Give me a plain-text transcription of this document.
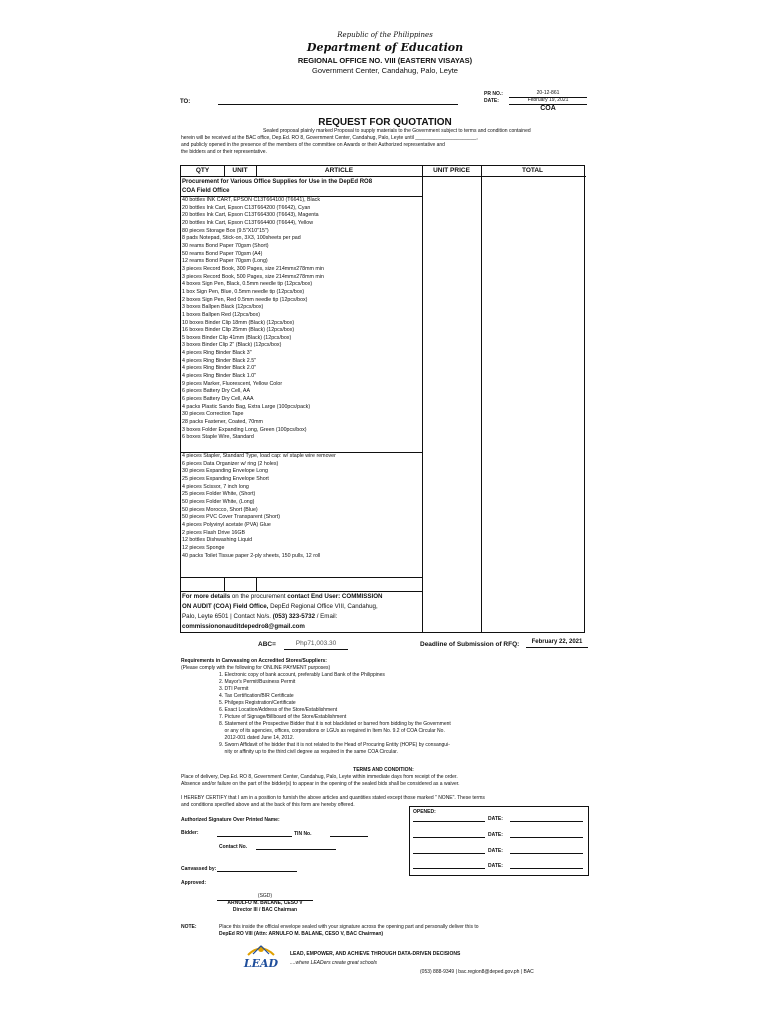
Republic of the Philippines
Department of Education
REGIONAL OFFICE NO. VIII (EASTERN VISAYAS)
Government Center, Candahug, Palo, Leyte
PR NO.:	20-12-861
DATE:	February 19, 2021
COA
TO:
REQUEST FOR QUOTATION
Sealed proposal plainly marked Proposal to supply materials to the Government subject to terms and condition contained
herein will be received at the BAC office, Dep.Ed. RO 8, Government Center, Candahug, Palo, Leyte until ______________________,
and publicly opened in the presence of the members of the committee on Awards or their Authorized representative and
the bidders and or their representative.
QTY	UNIT	ARTICLE	UNIT PRICE	TOTAL
Procurement for Various Office Supplies for Use in the DepEd RO8
COA Field Office
40 bottles INK CART, EPSON C13T664100 (T6641), Black
20 bottles Ink Cart, Epson C13T664200 (T6642), Cyan
20 bottles Ink Cart, Epson C13T664300 (T6643), Magenta
20 bottles Ink Cart, Epson C13T664400 (T6644), Yellow
80 pieces Storage Box (9.5"X10"15")
8 pads Notepad, Stick-on, 3X3, 100sheets per pad
30 reams Bond Paper 70gsm (Short)
50 reams Bond Paper 70gsm (A4)
12 reams Bond Paper 70gsm (Long)
3 pieces Record Book, 300 Pages, size 214mmx278mm min
3 pieces Record Book, 500 Pages, size 214mmx278mm min
4 boxes Sign Pen, Black, 0.5mm needle tip (12pcs/box)
1 box Sign Pen, Blue, 0.5mm needle tip (12pcs/box)
2 boxes Sign Pen, Red 0.5mm needle tip (12pcs/box)
3 boxes Ballpen Black (12pcs/box)
1 boxes Ballpen Red (12pcs/box)
10 boxes Binder Clip 18mm (Black) (12pcs/box)
16 boxes Binder Clip 25mm (Black) (12pcs/box)
5 boxes Binder Clip 41mm (Black) (12pcs/box)
3 boxes Binder Clip 2" (Black) (12pcs/box)
4 pieces Ring Binder Black 3"
4 pieces Ring Binder Black 2.5"
4 pieces Ring Binder Black 2.0"
4 pieces Ring Binder Black 1.0"
9 pieces Marker, Fluorescent, Yellow Color
6 pieces Battery Dry Cell, AA
6 pieces Battery Dry Cell, AAA
4 packs Plastic Sando Bag, Extra Large (100pcs/pack)
30 pieces Correction Tape
28 packs Fastener, Coated, 70mm
3 boxes Folder Expanding Long, Green (100pcs/box)
6 boxes Staple Wire, Standard
4 pieces Stapler, Standard Type, load cap: w/ staple wire remover
6 pieces Data Organizer w/ ring (2 holes)
30 pieces Expanding Envelope Long
25 pieces Expanding Envelope Short
4 pieces Scissor, 7 inch long
25 pieces Folder White, (Short)
50 pieces Folder White, (Long)
50 pieces Morocco, Short (Blue)
50 pieces PVC Cover Transparent (Short)
4 pieces Polyvinyl acetate (PVA) Glue
2 pieces Flash Drive 16GB
12 bottles Dishwashing Liquid
12 pieces Sponge
40 packs Toilet Tissue paper 2-ply sheets, 150 pulls, 12 roll
For more details on the procurement contact End User: COMMISSION
ON AUDIT (COA) Field Office, DepEd Regional Office VIII, Candahug,
Palo, Leyte 6501 | Contact No/s. (053) 323-5732 / Email:
commissiononauditdepedro8@gmail.com
ABC=	Php71,003.30	Deadline of Submission of RFQ:	February 22, 2021
Requirements in Canvassing on Accredited Stores/Suppliers:
(Please comply with the following for ONLINE PAYMENT purposes)
1. Electronic copy of bank account, preferably Land Bank of the Philippines
2. Mayor's Permit/Business Permit
3. DTI Permit
4. Tax Certification/BIR Certificate
5. Philgeps Registration/Certificate
6. Exact Location/Address of the Store/Establishment
7. Picture of Signage/Billboard of the Store/Establishment
8. Statement of the Prospective Bidder that it is not blacklisted or barred from bidding by the Government
or any of its agencies, offices, corporations or LGUs as required in Item No. 9.2 of COA Circular No.
2012-001 dated June 14, 2012.
9. Sworn Affidavit of he bidder that it is not related to the Head of Procuring Entity (HOPE) by consangui-
nity or affinity up to the third civil degree as required in the same COA Circular.
TERMS AND CONDITION:
Place of delivery, Dep.Ed. RO 8, Government Center, Candahug, Palo, Leyte within immediate days from receipt of the order.
Absence and/or failure on the part of the bidder(s) to appear in the opening of the sealed bids shall be considered as a waiver.
I HEREBY CERTIFY that I am in a position to furnish the above articles and quantities stated except those marked " NONE". These terms
and conditions specified above and at the back of this form are hereby offered.
Authorized Signature Over Printed Name:
Bidder:	TIN No.
Contact No.
Canvassed by:
Approved:
(SGD)
ARNULFO M. BALANE, CESO V
Director III / BAC Chairman
OPENED:
DATE:
DATE:
DATE:
DATE:
NOTE:	Place this inside the official envelope sealed with your signature across the opening part and personally deliver this to
DepEd RO VIII (Attn: ARNULFO M. BALANE, CESO V, BAC Chairman)
LEAD
LEAD, EMPOWER, AND ACHIEVE THROUGH DATA-DRIVEN DECISIONS
....where LEADers create great schools
(053) 888-9349 | bac.region8@deped.gov.ph | BAC
